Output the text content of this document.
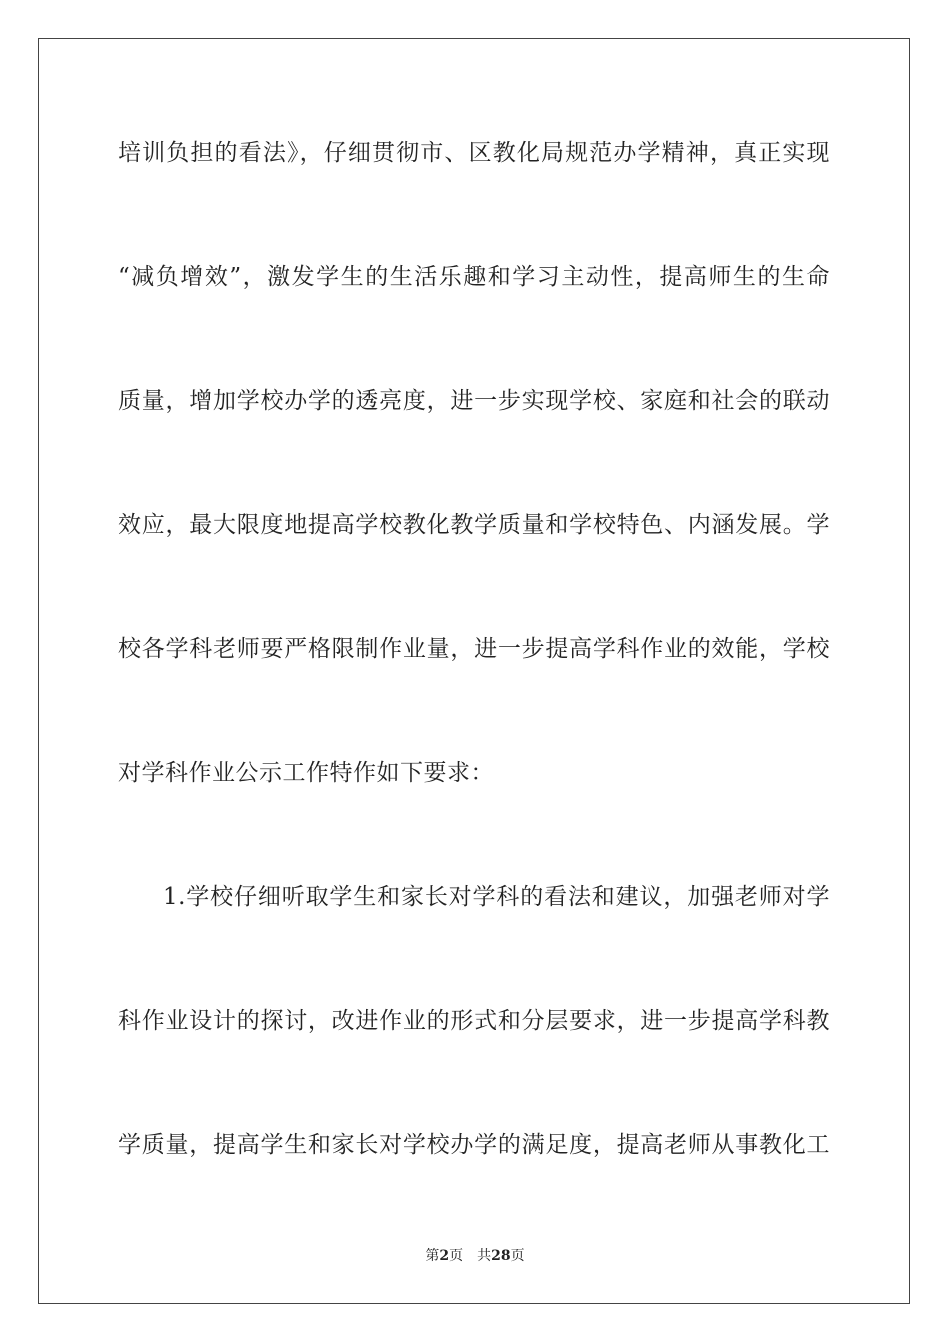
培训负担的看法》，仔细贯彻市、区教化局规范办学精神，真正实现
“减负增效”，激发学生的生活乐趣和学习主动性，提高师生的生命
质量，增加学校办学的透亮度，进一步实现学校、家庭和社会的联动
效应，最大限度地提高学校教化教学质量和学校特色、内涵发展。学
校各学科老师要严格限制作业量，进一步提高学科作业的效能，学校
对学科作业公示工作特作如下要求：
1.学校仔细听取学生和家长对学科的看法和建议，加强老师对学
科作业设计的探讨，改进作业的形式和分层要求，进一步提高学科教
学质量，提高学生和家长对学校办学的满足度，提高老师从事教化工
第2页 共28页
